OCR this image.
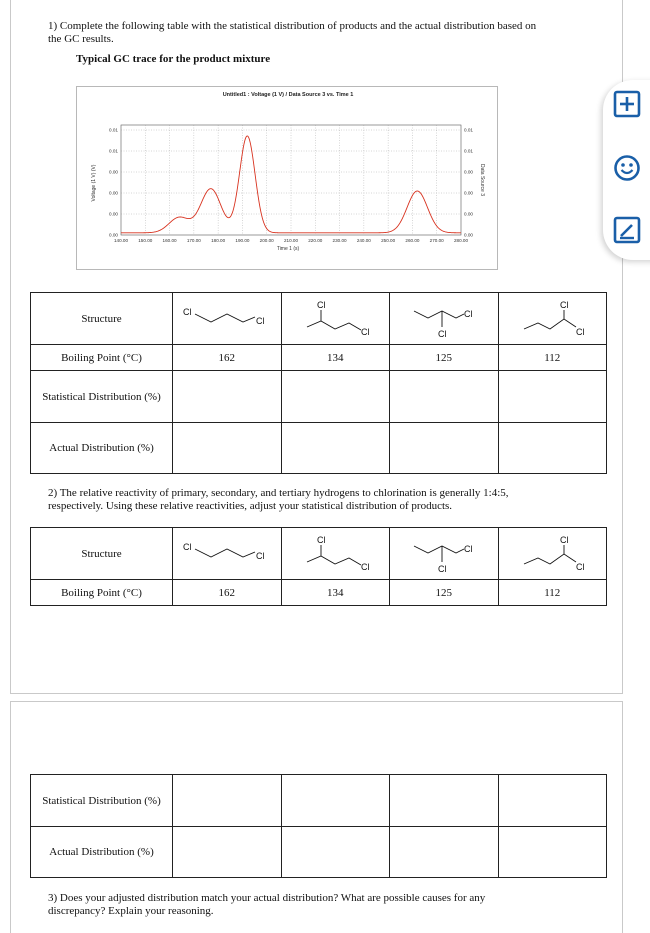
1) Complete the following table with the statistical distribution of products and the actual distribution based on
the GC results.
Typical GC trace for the product mixture
Untitled1 : Voltage (1 V) / Data Source 3 vs. Time 1
140.00 150.00 160.00 170.00 180.00 190.00 200.00 210.00 220.00 230.00 240.00 250.00 260.00 270.00 280.00
0.01
0.01
0.00
0.00
0.00
0.00
0.01
0.01
0.00
0.00
0.00
0.00
Time 1 (s)
Voltage (1 V) (V)	Data Source 3
Structure	Cl
Cl	Cl
Cl	Cl
Cl	Cl
Cl

Boiling Point (°C)	162	134	125	112
Statistical Distribution (%)				
Actual Distribution (%)				
2) The relative reactivity of primary, secondary, and tertiary hydrogens to chlorination is generally 1:4:5,
respectively. Using these relative reactivities, adjust your statistical distribution of products.
Structure	Cl
Cl	Cl
Cl	Cl
Cl	Cl
Cl

Boiling Point (°C)	162	134	125	112
Statistical Distribution (%)				
Actual Distribution (%)				
3) Does your adjusted distribution match your actual distribution? What are possible causes for any
discrepancy? Explain your reasoning.
